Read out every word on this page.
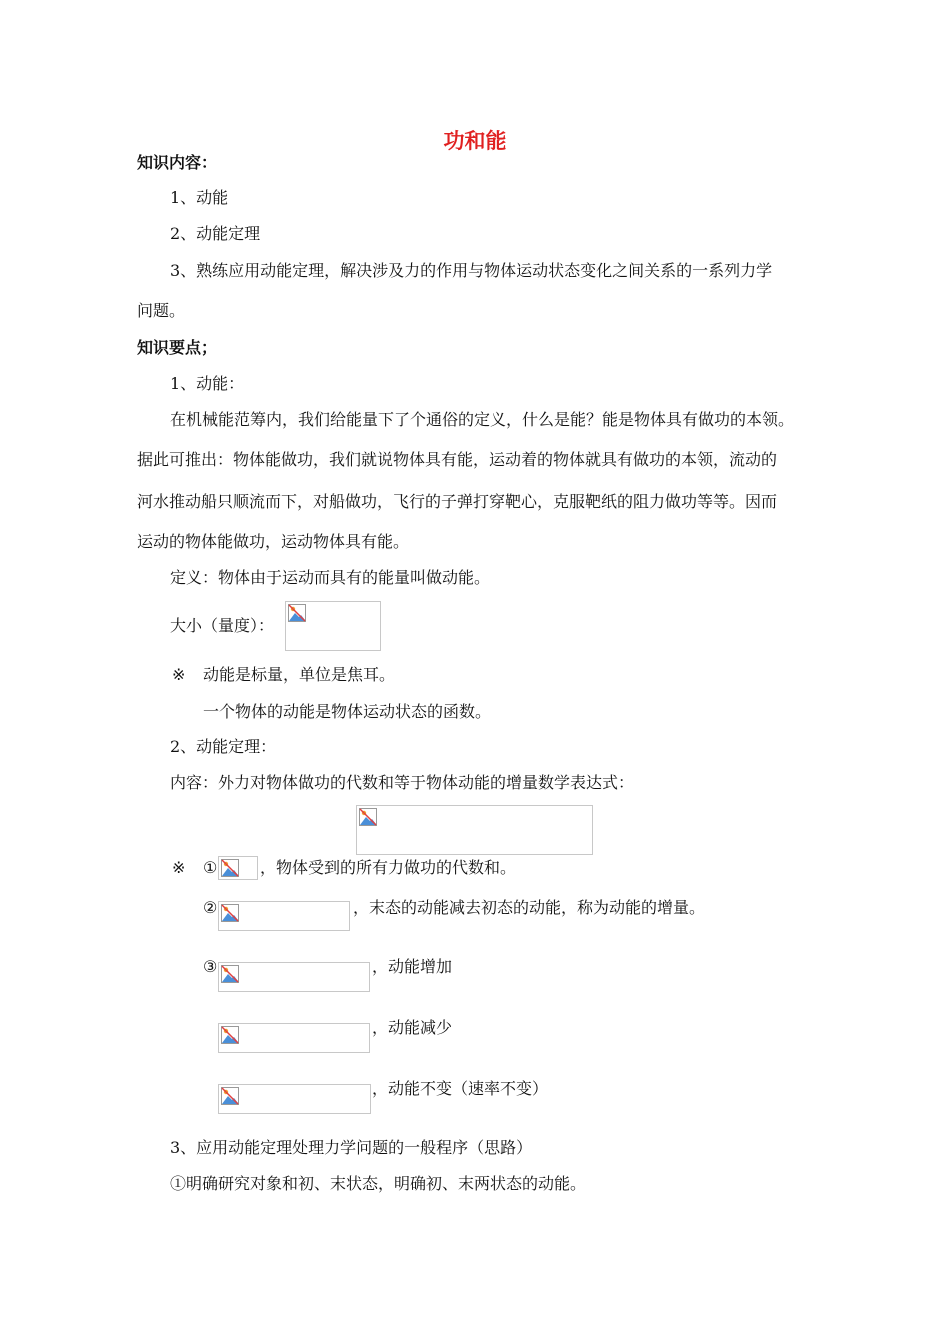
功和能
知识内容：
1、动能
2、动能定理
3、熟练应用动能定理，解决涉及力的作用与物体运动状态变化之间关系的一系列力学
问题。
知识要点；
1、动能：
在机械能范筹内，我们给能量下了个通俗的定义，什么是能？能是物体具有做功的本领。
据此可推出：物体能做功，我们就说物体具有能，运动着的物体就具有做功的本领，流动的
河水推动船只顺流而下，对船做功，飞行的子弹打穿靶心，克服靶纸的阻力做功等等。因而
运动的物体能做功，运动物体具有能。
定义：物体由于运动而具有的能量叫做动能。
大小（量度）：
※ 动能是标量，单位是焦耳。
一个物体的动能是物体运动状态的函数。
2、动能定理：
内容：外力对物体做功的代数和等于物体动能的增量数学表达式：
※ ①	，物体受到的所有力做功的代数和。
②	，末态的动能减去初态的动能，称为动能的增量。
③	，动能增加
，动能减少
，动能不变（速率不变）
3、应用动能定理处理力学问题的一般程序（思路）
①明确研究对象和初、末状态，明确初、末两状态的动能。
